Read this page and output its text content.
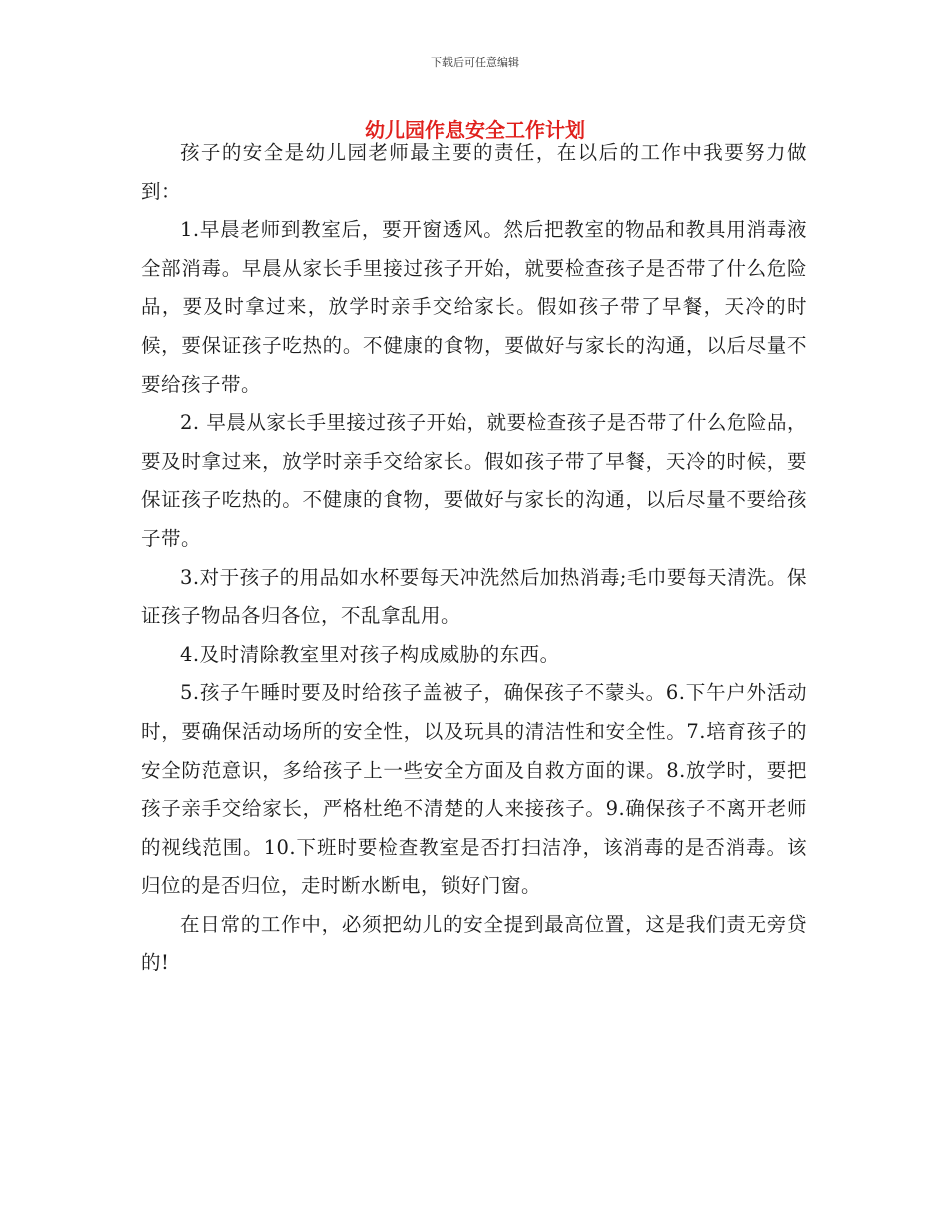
下载后可任意编辑
幼儿园作息安全工作计划

孩子的安全是幼儿园老师最主要的责任，在以后的工作中我要努力做到：

1.早晨老师到教室后，要开窗透风。然后把教室的物品和教具用消毒液全部消毒。早晨从家长手里接过孩子开始，就要检查孩子是否带了什么危险品，要及时拿过来，放学时亲手交给家长。假如孩子带了早餐，天冷的时候，要保证孩子吃热的。不健康的食物，要做好与家长的沟通，以后尽量不要给孩子带。

2. 早晨从家长手里接过孩子开始，就要检查孩子是否带了什么危险品，要及时拿过来，放学时亲手交给家长。假如孩子带了早餐，天冷的时候，要保证孩子吃热的。不健康的食物，要做好与家长的沟通，以后尽量不要给孩子带。

3.对于孩子的用品如水杯要每天冲洗然后加热消毒;毛巾要每天清洗。保证孩子物品各归各位，不乱拿乱用。

4.及时清除教室里对孩子构成威胁的东西。

5.孩子午睡时要及时给孩子盖被子，确保孩子不蒙头。6.下午户外活动时，要确保活动场所的安全性，以及玩具的清洁性和安全性。7.培育孩子的安全防范意识，多给孩子上一些安全方面及自救方面的课。8.放学时，要把孩子亲手交给家长，严格杜绝不清楚的人来接孩子。9.确保孩子不离开老师的视线范围。10.下班时要检查教室是否打扫洁净，该消毒的是否消毒。该归位的是否归位，走时断水断电，锁好门窗。

在日常的工作中，必须把幼儿的安全提到最高位置，这是我们责无旁贷的!
